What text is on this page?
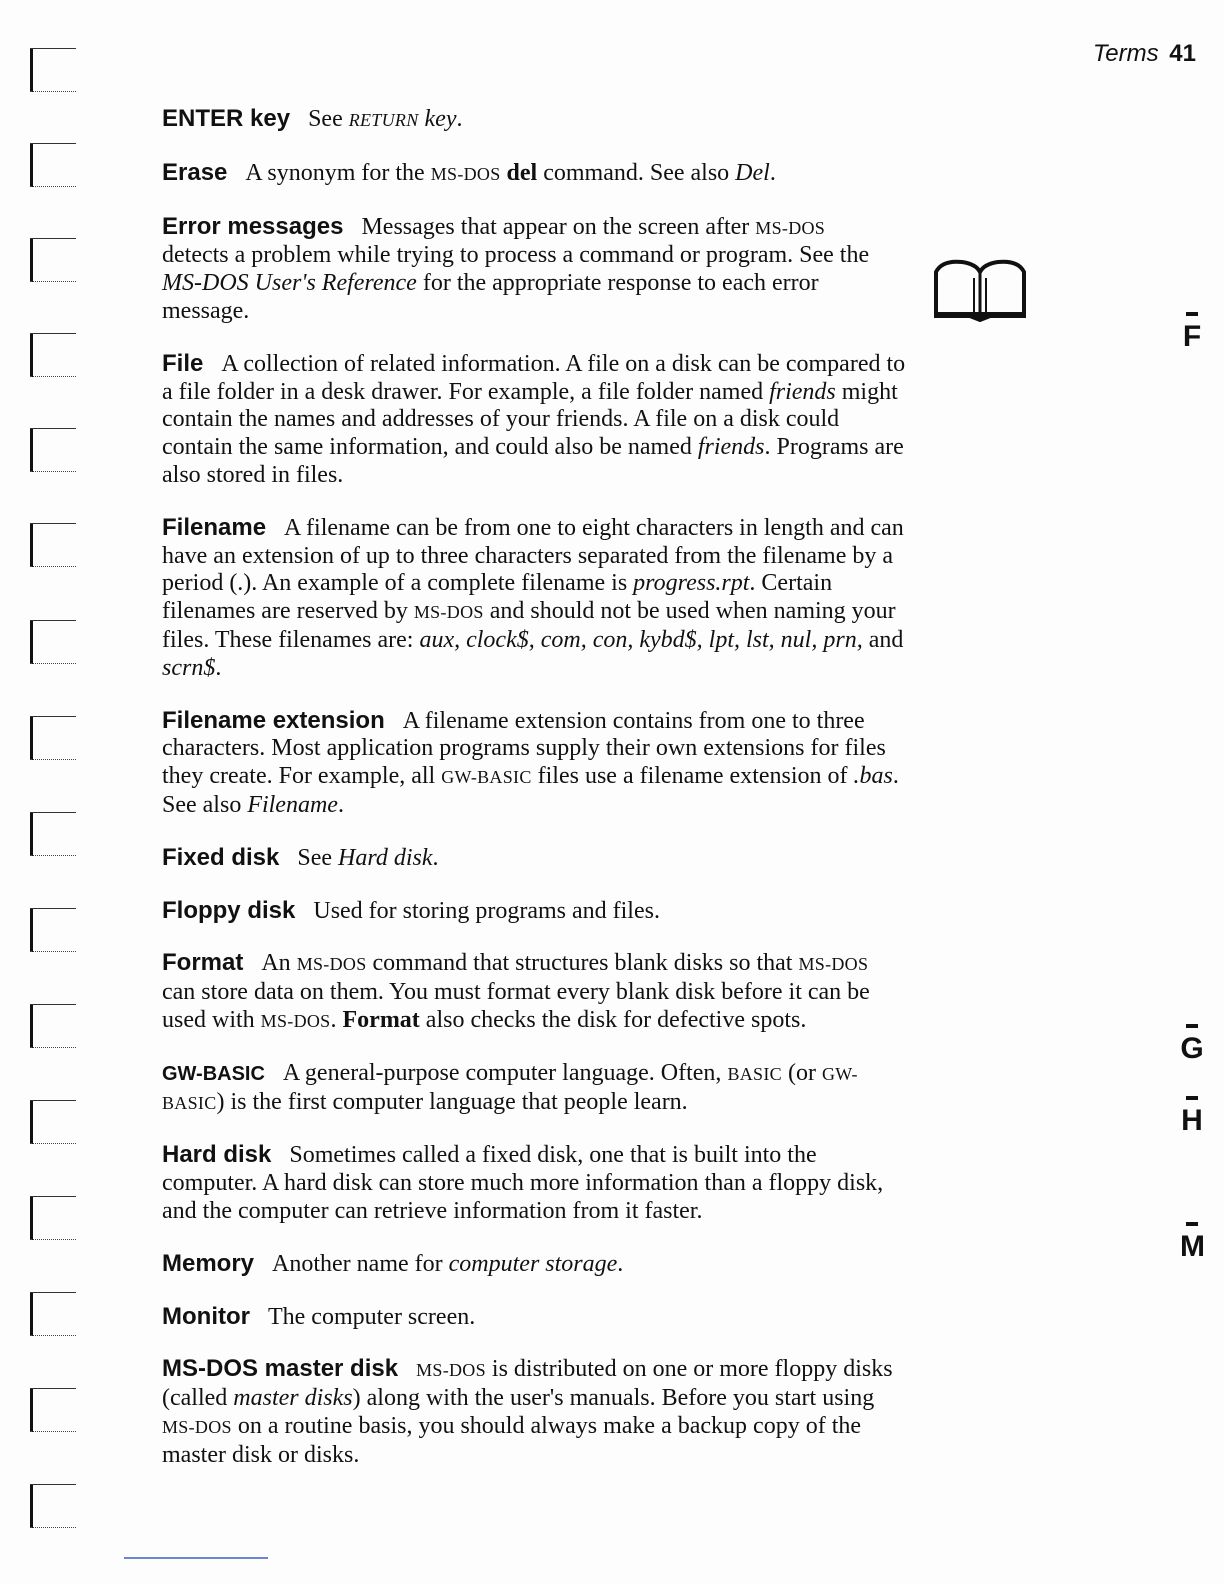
Terms 41
F
G
H
M

ENTER key See RETURN key.

Erase A synonym for the MS-DOS del command. See also Del.

Error messages Messages that appear on the screen after MS-DOS detects a problem while trying to process a command or program. See the MS-DOS User's Reference for the appropriate response to each error message.

File A collection of related information. A file on a disk can be compared to a file folder in a desk drawer. For example, a file folder named friends might contain the names and addresses of your friends. A file on a disk could contain the same information, and could also be named friends. Programs are also stored in files.

Filename A filename can be from one to eight characters in length and can have an extension of up to three characters separated from the filename by a period (.). An example of a complete filename is progress.rpt. Certain filenames are reserved by MS-DOS and should not be used when naming your files. These filenames are: aux, clock$, com, con, kybd$, lpt, lst, nul, prn, and scrn$.

Filename extension A filename extension contains from one to three characters. Most application programs supply their own extensions for files they create. For example, all GW-BASIC files use a filename extension of .bas. See also Filename.

Fixed disk See Hard disk.

Floppy disk Used for storing programs and files.

Format An MS-DOS command that structures blank disks so that MS-DOS can store data on them. You must format every blank disk before it can be used with MS-DOS. Format also checks the disk for defective spots.

GW-BASIC A general-purpose computer language. Often, BASIC (or GW-BASIC) is the first computer language that people learn.

Hard disk Sometimes called a fixed disk, one that is built into the computer. A hard disk can store much more information than a floppy disk, and the computer can retrieve information from it faster.

Memory Another name for computer storage.

Monitor The computer screen.

MS-DOS master disk MS-DOS is distributed on one or more floppy disks (called master disks) along with the user's manuals. Before you start using MS-DOS on a routine basis, you should always make a backup copy of the master disk or disks.
